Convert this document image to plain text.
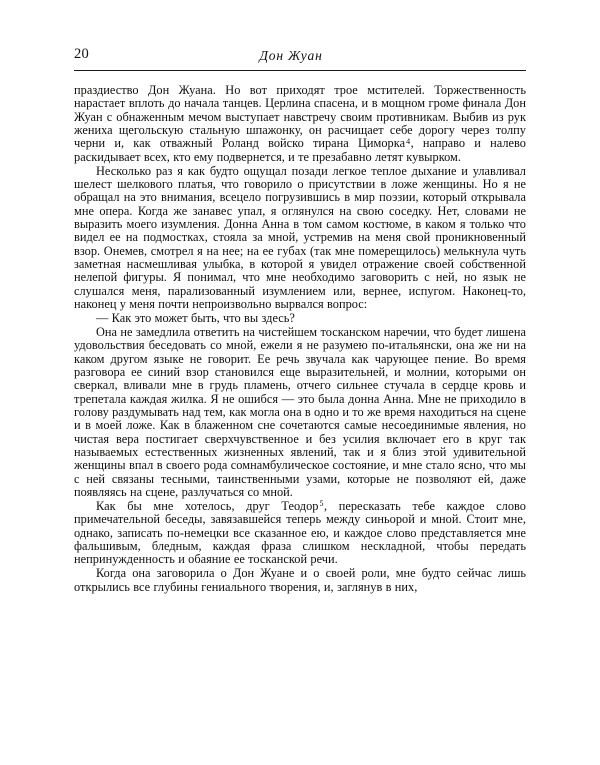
20	Дон Жуан

праздиество Дон Жуана. Но вот приходят трое мстителей. Торжественность нарастает вплоть до начала танцев. Церлина спасена, и в мощном громе финала Дон Жуан с обнаженным мечом выступает навстречу своим противникам. Выбив из рук жениха щегольскую стальную шпажонку, он расчищает себе дорогу через толпу черни и, как отважный Роланд войско тирана Циморка$^4$, направо и налево раскидывает всех, кто ему подвернется, и те презабавно летят кувырком.

Несколько раз я как будто ощущал позади легкое теплое дыхание и улавливал шелест шелкового платья, что говорило о присутствии в ложе женщины. Но я не обращал на это внимания, всецело погрузившись в мир поэзии, который открывала мне опера. Когда же занавес упал, я оглянулся на свою соседку. Нет, словами не выразить моего изумления. Донна Анна в том самом костюме, в каком я только что видел ее на подмостках, стояла за мной, устремив на меня свой проникновенный взор. Онемев, смотрел я на нее; на ее губах (так мне померещилось) мелькнула чуть заметная насмешливая улыбка, в которой я увидел отражение своей собственной нелепой фигуры. Я понимал, что мне необходимо заговорить с ней, но язык не слушался меня, парализованный изумлением или, вернее, испугом. Наконец-то, наконец у меня почти непроизвольно вырвался вопрос:

— Как это может быть, что вы здесь?

Она не замедлила ответить на чистейшем тосканском наречии, что будет лишена удовольствия беседовать со мной, ежели я не разумею по-итальянски, она же ни на каком другом языке не говорит. Ее речь звучала как чарующее пение. Во время разговора ее синий взор становился еще выразительней, и молнии, которыми он сверкал, вливали мне в грудь пламень, отчего сильнее стучала в сердце кровь и трепетала каждая жилка. Я не ошибся — это была донна Анна. Мне не приходило в голову раздумывать над тем, как могла она в одно и то же время находиться на сцене и в моей ложе. Как в блаженном сне сочетаются самые несоединимые явления, но чистая вера постигает сверхчувственное и без усилия включает его в круг так называемых естественных жизненных явлений, так и я близ этой удивительной женщины впал в своего рода сомнамбулическое состояние, и мне стало ясно, что мы с ней связаны тесными, таинственными узами, которые не позволяют ей, даже появляясь на сцене, разлучаться со мной.

Как бы мне хотелось, друг Теодор$^5$, пересказать тебе каждое слово примечательной беседы, завязавшейся теперь между синьорой и мной. Стоит мне, однако, записать по-немецки все сказанное ею, и каждое слово представляется мне фальшивым, бледным, каждая фраза слишком нескладной, чтобы передать непринужденность и обаяние ее тосканской речи.

Когда она заговорила о Дон Жуане и о своей роли, мне будто сейчас лишь открылись все глубины гениального творения, и, заглянув в них,
